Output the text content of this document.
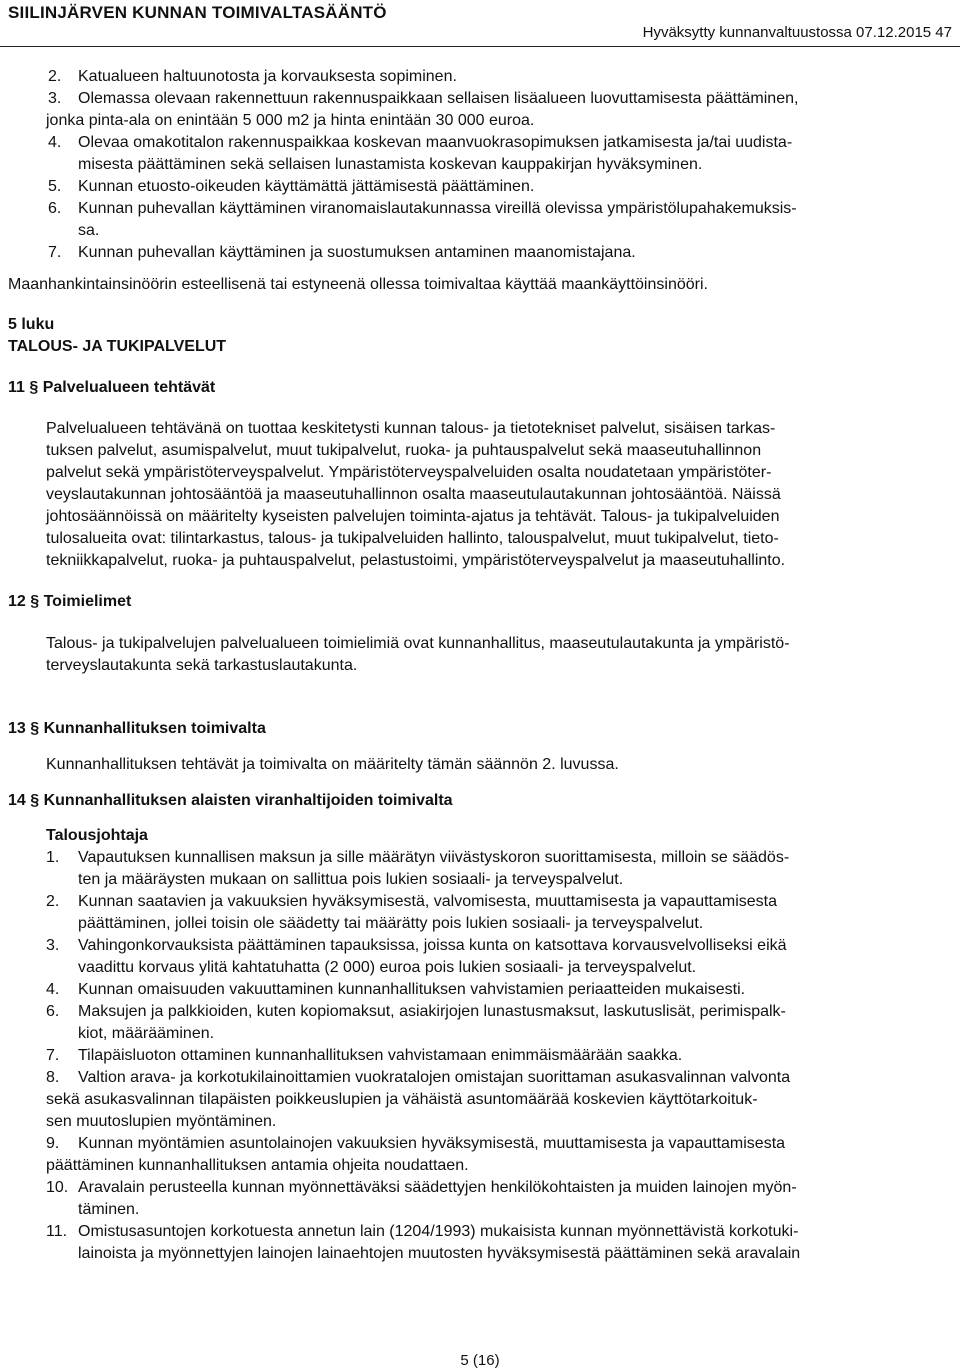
SIILINJÄRVEN KUNNAN TOIMIVALTASÄÄNTÖ
Hyväksytty kunnanvaltuustossa 07.12.2015 47
2. Katualueen haltuunotosta ja korvauksesta sopiminen.
3. Olemassa olevaan rakennettuun rakennuspaikkaan sellaisen lisäalueen luovuttamisesta päättäminen,
jonka pinta-ala on enintään 5 000 m2 ja hinta enintään 30 000 euroa.
4. Olevaa omakotitalon rakennuspaikkaa koskevan maanvuokrasopimuksen jatkamisesta ja/tai uudista-
misesta päättäminen sekä sellaisen lunastamista koskevan kauppakirjan hyväksyminen.
5. Kunnan etuosto-oikeuden käyttämättä jättämisestä päättäminen.
6. Kunnan puhevallan käyttäminen viranomaislautakunnassa vireillä olevissa ympäristölupahakemuksis-
sa.
7. Kunnan puhevallan käyttäminen ja suostumuksen antaminen maanomistajana.
Maanhankintainsinöörin esteellisenä tai estyneenä ollessa toimivaltaa käyttää maankäyttöinsinööri.
5 luku
TALOUS- JA TUKIPALVELUT
11 § Palvelualueen tehtävät
Palvelualueen tehtävänä on tuottaa keskitetysti kunnan talous- ja tietotekniset palvelut, sisäisen tarkas-
tuksen palvelut, asumispalvelut, muut tukipalvelut, ruoka- ja puhtauspalvelut sekä maaseutuhallinnon
palvelut sekä ympäristöterveyspalvelut. Ympäristöterveyspalveluiden osalta noudatetaan ympäristöter-
veyslautakunnan johtosääntöä ja maaseutuhallinnon osalta maaseutulautakunnan johtosääntöä. Näissä
johtosäännöissä on määritelty kyseisten palvelujen toiminta-ajatus ja tehtävät. Talous- ja tukipalveluiden
tulosalueita ovat: tilintarkastus, talous- ja tukipalveluiden hallinto, talouspalvelut, muut tukipalvelut, tieto-
tekniikkapalvelut, ruoka- ja puhtauspalvelut, pelastustoimi, ympäristöterveyspalvelut ja maaseutuhallinto.
12 § Toimielimet
Talous- ja tukipalvelujen palvelualueen toimielimiä ovat kunnanhallitus, maaseutulautakunta ja ympäristö-
terveyslautakunta sekä tarkastuslautakunta.
13 § Kunnanhallituksen toimivalta
Kunnanhallituksen tehtävät ja toimivalta on määritelty tämän säännön 2. luvussa.
14 § Kunnanhallituksen alaisten viranhaltijoiden toimivalta
Talousjohtaja
1. Vapautuksen kunnallisen maksun ja sille määrätyn viivästyskoron suorittamisesta, milloin se säädös-
ten ja määräysten mukaan on sallittua pois lukien sosiaali- ja terveyspalvelut.
2. Kunnan saatavien ja vakuuksien hyväksymisestä, valvomisesta, muuttamisesta ja vapauttamisesta
päättäminen, jollei toisin ole säädetty tai määrätty pois lukien sosiaali- ja terveyspalvelut.
3. Vahingonkorvauksista päättäminen tapauksissa, joissa kunta on katsottava korvausvelvolliseksi eikä
vaadittu korvaus ylitä kahtatuhatta (2 000) euroa pois lukien sosiaali- ja terveyspalvelut.
4. Kunnan omaisuuden vakuuttaminen kunnanhallituksen vahvistamien periaatteiden mukaisesti.
6. Maksujen ja palkkioiden, kuten kopiomaksut, asiakirjojen lunastusmaksut, laskutuslisät, perimispalk-
kiot, määrääminen.
7. Tilapäisluoton ottaminen kunnanhallituksen vahvistamaan enimmäismäärään saakka.
8. Valtion arava- ja korkotukilainoittamien vuokratalojen omistajan suorittaman asukasvalinnan valvonta
sekä asukasvalinnan tilapäisten poikkeuslupien ja vähäistä asuntomäärää koskevien käyttötarkoituk-
sen muutoslupien myöntäminen.
9. Kunnan myöntämien asuntolainojen vakuuksien hyväksymisestä, muuttamisesta ja vapauttamisesta
päättäminen kunnanhallituksen antamia ohjeita noudattaen.
10. Aravalain perusteella kunnan myönnettäväksi säädettyjen henkilökohtaisten ja muiden lainojen myön-
täminen.
11. Omistusasuntojen korkotuesta annetun lain (1204/1993) mukaisista kunnan myönnettävistä korkotuki-
lainoista ja myönnettyjen lainojen lainaehtojen muutosten hyväksymisestä päättäminen sekä aravalain
5 (16)
